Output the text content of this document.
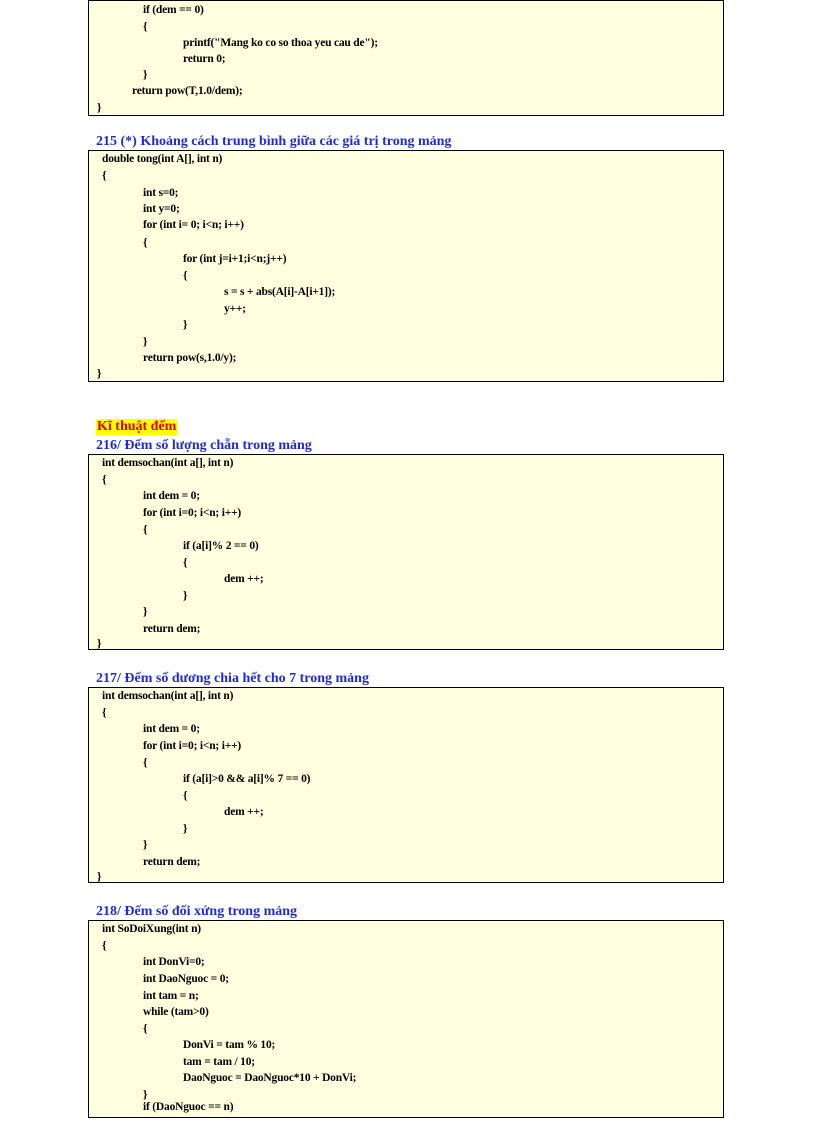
if (dem == 0)
{
printf("Mang ko co so thoa yeu cau de");
return 0;
}
return pow(T,1.0/dem);
}
215 (*) Khoảng cách trung bình giữa các giá trị trong mảng
double tong(int A[], int n)
{
int s=0;
int y=0;
for (int i= 0; i<n; i++)
{
for (int j=i+1;i<n;j++)
{
s = s + abs(A[i]-A[i+1]);
y++;
}
}
return pow(s,1.0/y);
}
Kĩ thuật đếm
216/ Đếm số lượng chẵn trong mảng
int demsochan(int a[], int n)
{
int dem = 0;
for (int i=0; i<n; i++)
{
if (a[i]% 2 == 0)
{
dem ++;
}
}
return dem;
}
217/ Đếm số dương chia hết cho 7 trong mảng
int demsochan(int a[], int n)
{
int dem = 0;
for (int i=0; i<n; i++)
{
if (a[i]>0 && a[i]% 7 == 0)
{
dem ++;
}
}
return dem;
}
218/ Đếm số đối xứng trong mảng
int SoDoiXung(int n)
{
int DonVi=0;
int DaoNguoc = 0;
int tam = n;
while (tam>0)
{
DonVi = tam % 10;
tam = tam / 10;
DaoNguoc = DaoNguoc*10 + DonVi;
}
if (DaoNguoc == n)
